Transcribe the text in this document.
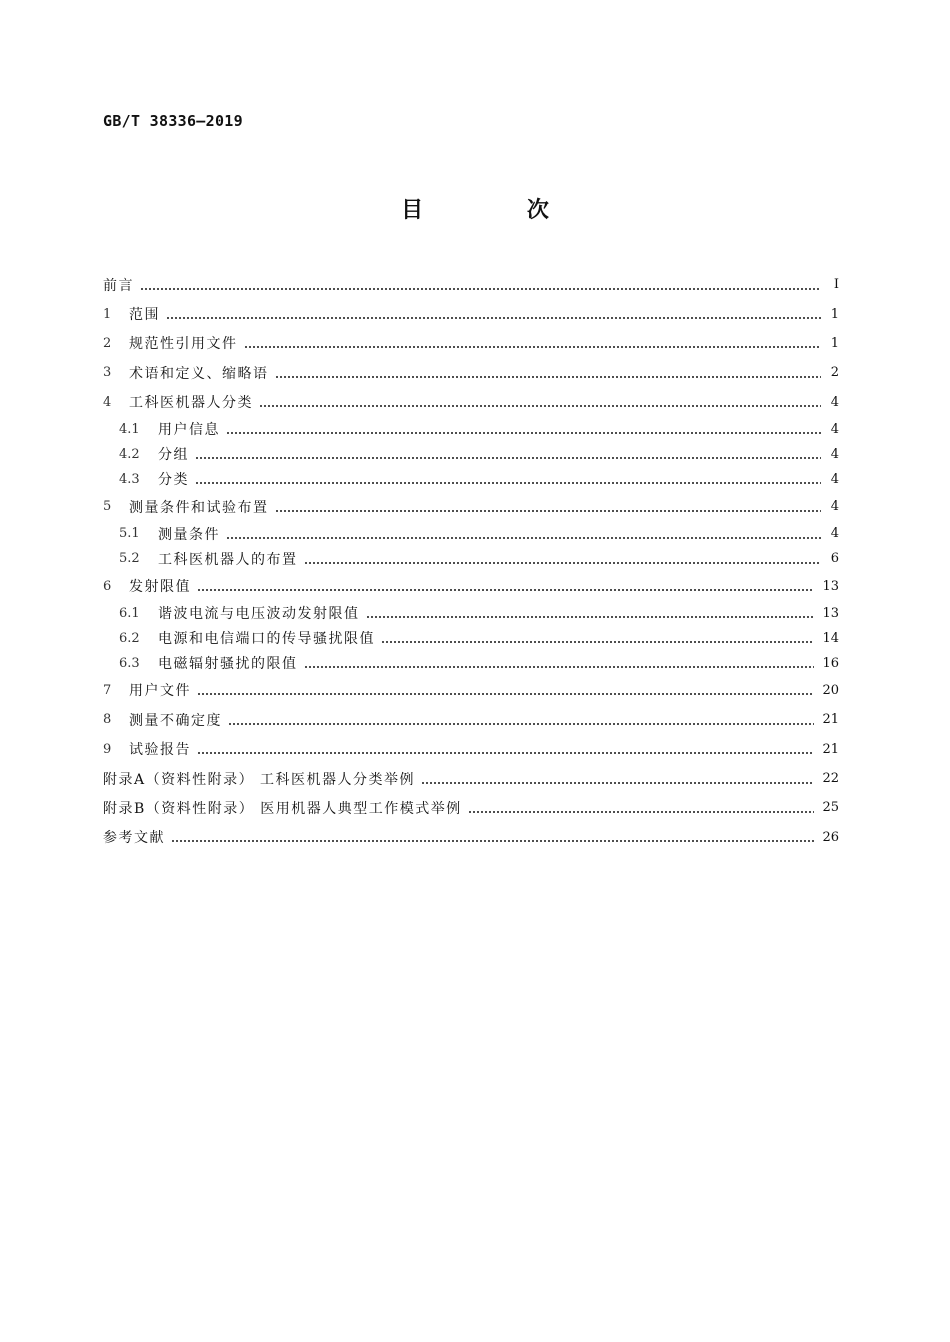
GB/T 38336—2019
目 次
前言	Ⅰ
1	范围	1
2	规范性引用文件	1
3	术语和定义、缩略语	2
4	工科医机器人分类	4
4.1	用户信息	4
4.2	分组	4
4.3	分类	4
5	测量条件和试验布置	4
5.1	测量条件	4
5.2	工科医机器人的布置	6
6	发射限值	13
6.1	谐波电流与电压波动发射限值	13
6.2	电源和电信端口的传导骚扰限值	14
6.3	电磁辐射骚扰的限值	16
7	用户文件	20
8	测量不确定度	21
9	试验报告	21
附录A（资料性附录） 工科医机器人分类举例	22
附录B（资料性附录） 医用机器人典型工作模式举例	25
参考文献	26
